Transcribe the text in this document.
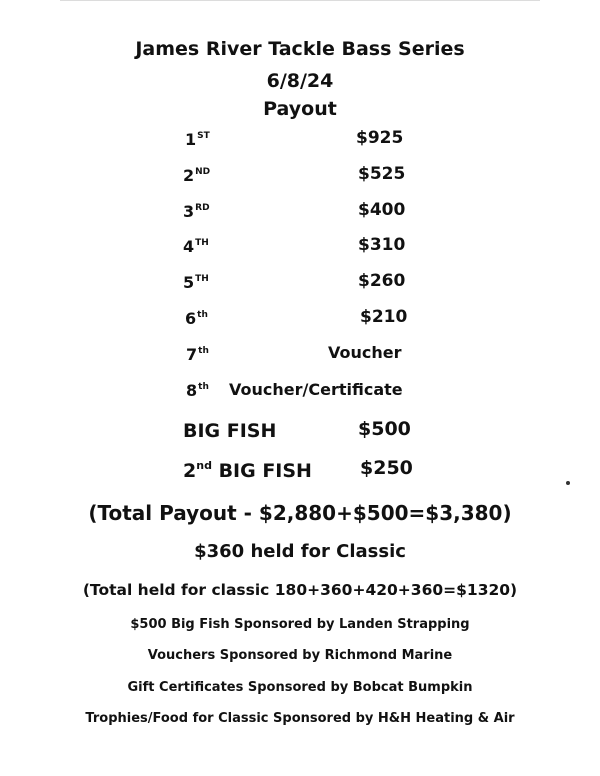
James River Tackle Bass Series
6/8/24
Payout
1ST	$925
2ND	$525
3RD	$400
4TH	$310
5TH	$260
6th	$210
7th	Voucher
8th Voucher/Certificate
BIG FISH	$500
2nd BIG FISH	$250
(Total Payout - $2,880+$500=$3,380)
$360 held for Classic
(Total held for classic 180+360+420+360=$1320)
$500 Big Fish Sponsored by Landen Strapping
Vouchers Sponsored by Richmond Marine
Gift Certificates Sponsored by Bobcat Bumpkin
Trophies/Food for Classic Sponsored by H&H Heating & Air
